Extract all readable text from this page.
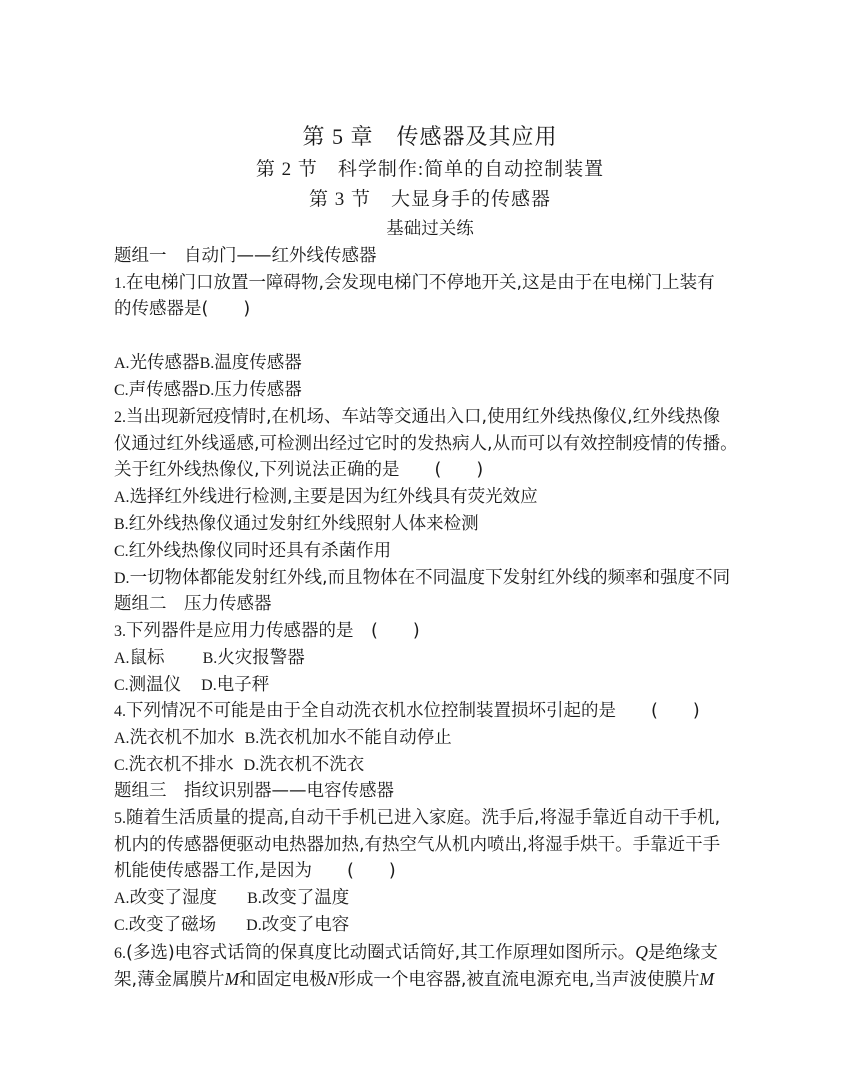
第 5 章　传感器及其应用
第 2 节　科学制作:简单的自动控制装置
第 3 节　大显身手的传感器
基础过关练
题组一　自动门——红外线传感器
1.在电梯门口放置一障碍物,会发现电梯门不停地开关,这是由于在电梯门上装有
的传感器是(　　)
A.光传感器B.温度传感器
C.声传感器D.压力传感器
2.当出现新冠疫情时,在机场、车站等交通出入口,使用红外线热像仪,红外线热像
仪通过红外线遥感,可检测出经过它时的发热病人,从而可以有效控制疫情的传播。
关于红外线热像仪,下列说法正确的是　　(　　)
A.选择红外线进行检测,主要是因为红外线具有荧光效应
B.红外线热像仪通过发射红外线照射人体来检测
C.红外线热像仪同时还具有杀菌作用
D.一切物体都能发射红外线,而且物体在不同温度下发射红外线的频率和强度不同
题组二　压力传感器
3.下列器件是应用力传感器的是　(　　)
A.鼠标 B.火灾报警器
C.测温仪 D.电子秤
4.下列情况不可能是由于全自动洗衣机水位控制装置损坏引起的是　　(　　)
A.洗衣机不加水 B.洗衣机加水不能自动停止
C.洗衣机不排水 D.洗衣机不洗衣
题组三　指纹识别器——电容传感器
5.随着生活质量的提高,自动干手机已进入家庭。洗手后,将湿手靠近自动干手机,
机内的传感器便驱动电热器加热,有热空气从机内喷出,将湿手烘干。手靠近干手
机能使传感器工作,是因为　　(　　)
A.改变了湿度 B.改变了温度
C.改变了磁场 D.改变了电容
6.(多选)电容式话筒的保真度比动圈式话筒好,其工作原理如图所示。Q是绝缘支
架,薄金属膜片M和固定电极N形成一个电容器,被直流电源充电,当声波使膜片M
